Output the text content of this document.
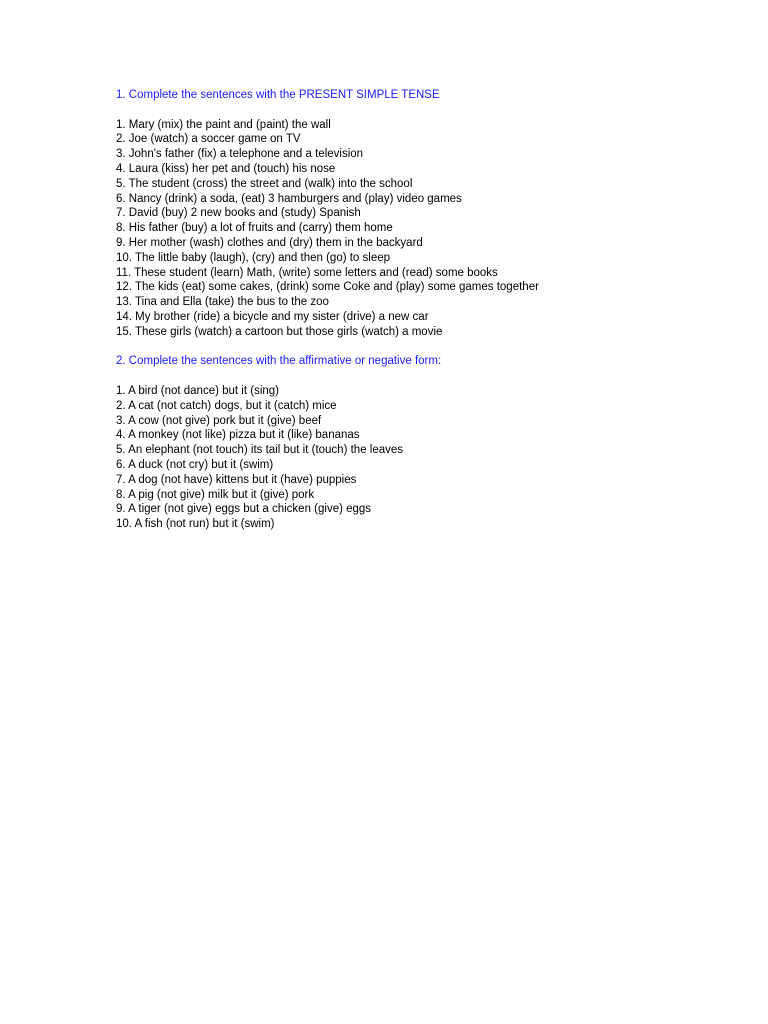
1. Complete the sentences with the PRESENT SIMPLE TENSE

1. Mary (mix) the paint and (paint) the wall
2. Joe (watch) a soccer game on TV
3. John's father (fix) a telephone and a television
4. Laura (kiss) her pet and (touch) his nose
5. The student (cross) the street and (walk) into the school
6. Nancy (drink) a soda, (eat) 3 hamburgers and (play) video games
7. David (buy) 2 new books and (study) Spanish
8. His father (buy) a lot of fruits and (carry) them home
9. Her mother (wash) clothes and (dry) them in the backyard
10. The little baby (laugh), (cry) and then (go) to sleep
11. These student (learn) Math, (write) some letters and (read) some books
12. The kids (eat) some cakes, (drink) some Coke and (play) some games together
13. Tina and Ella (take) the bus to the zoo
14. My brother (ride) a bicycle and my sister (drive) a new car
15. These girls (watch) a cartoon but those girls (watch) a movie

2. Complete the sentences with the affirmative or negative form:

1. A bird (not dance) but it (sing)
2. A cat (not catch) dogs, but it (catch) mice
3. A cow (not give) pork but it (give) beef
4. A monkey (not like) pizza but it (like) bananas
5. An elephant (not touch) its tail but it (touch) the leaves
6. A duck (not cry) but it (swim)
7. A dog (not have) kittens but it (have) puppies
8. A pig (not give) milk but it (give) pork
9. A tiger (not give) eggs but a chicken (give) eggs
10. A fish (not run) but it (swim)
